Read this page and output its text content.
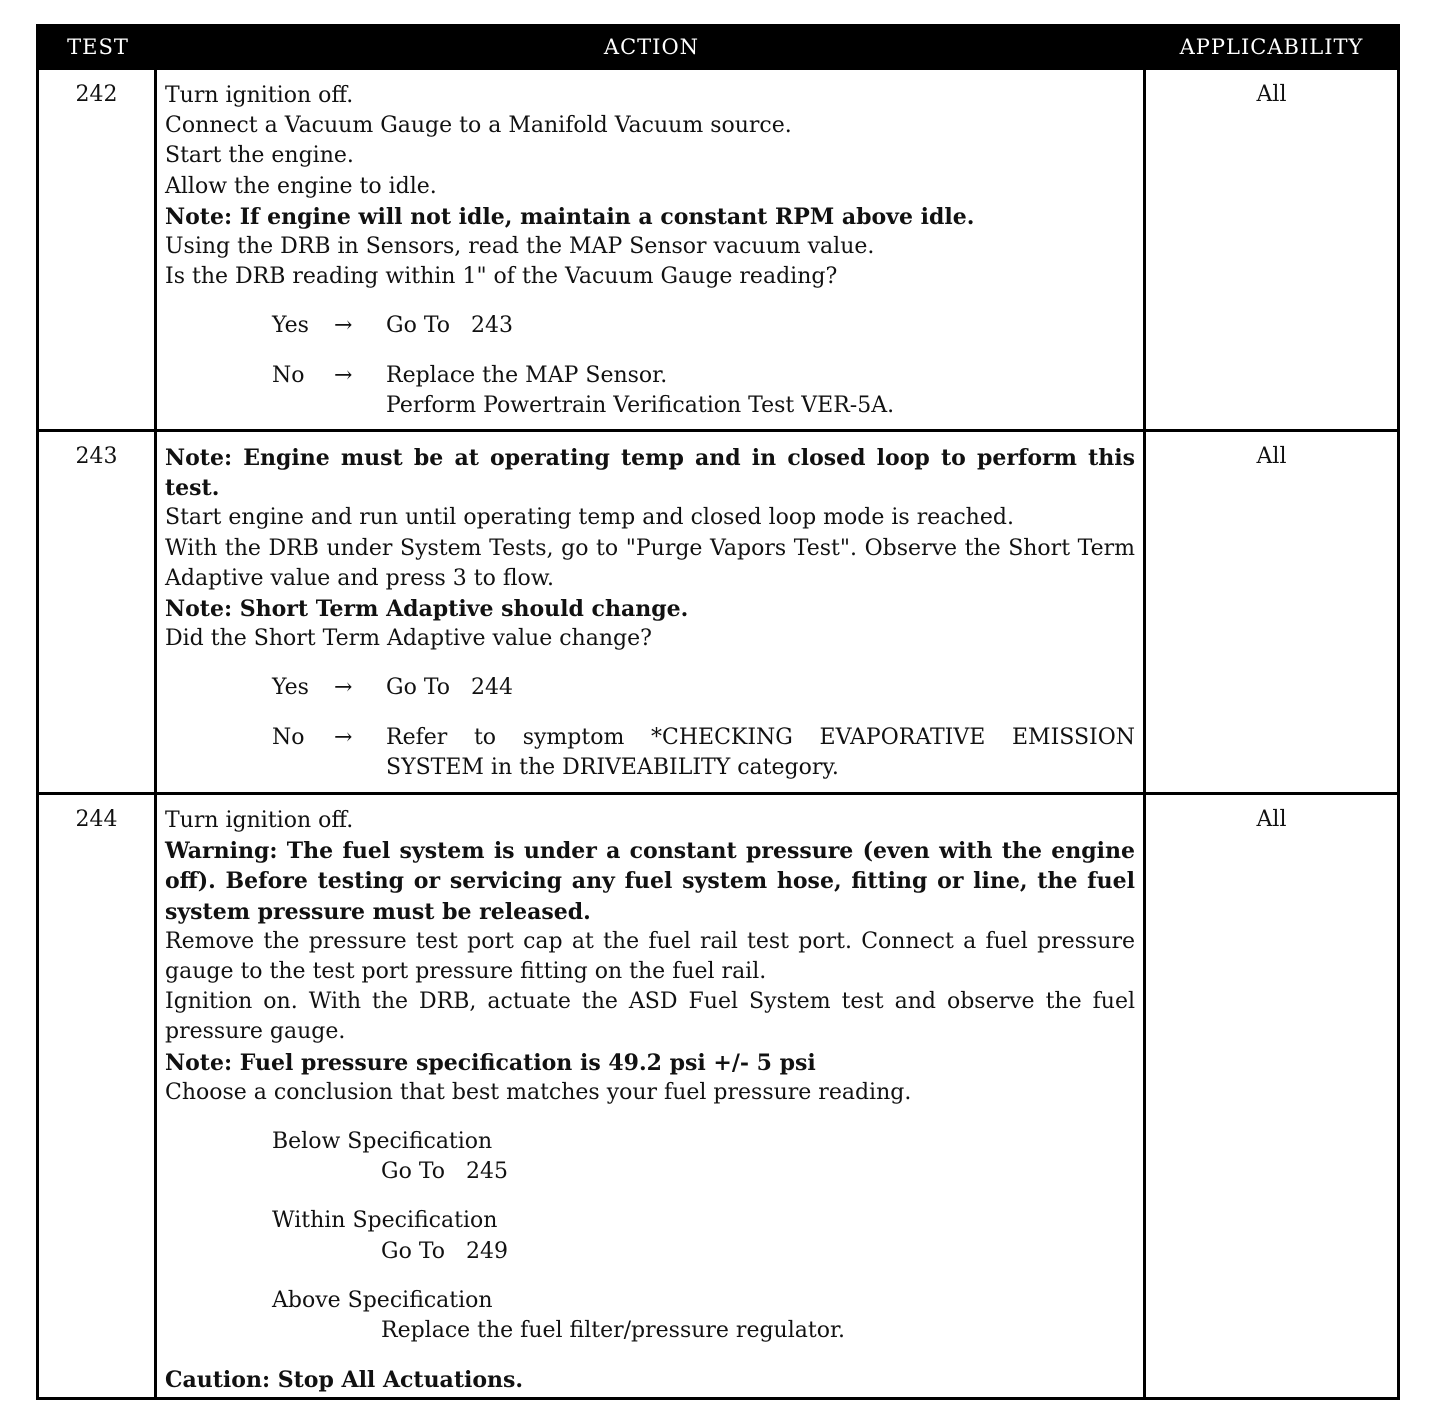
TEST	ACTION	APPLICABILITY
242	Turn ignition off.
Connect a Vacuum Gauge to a Manifold Vacuum source.
Start the engine.
Allow the engine to idle.
Note: If engine will not idle, maintain a constant RPM above idle.
Using the DRB in Sensors, read the MAP Sensor vacuum value.
Is the DRB reading within 1" of the Vacuum Gauge reading?
Yes	→	Go To   243
No	→	Replace the MAP Sensor.
Perform Powertrain Verification Test VER-5A.
All
243	Note: Engine must be at operating temp and in closed loop to perform this test.
Start engine and run until operating temp and closed loop mode is reached.
With the DRB under System Tests, go to "Purge Vapors Test". Observe the Short Term Adaptive value and press 3 to flow.
Note: Short Term Adaptive should change.
Did the Short Term Adaptive value change?
Yes	→	Go To   244
No	→	Refer to symptom *CHECKING EVAPORATIVE EMISSION SYSTEM in the DRIVEABILITY category.
All
244	Turn ignition off.
Warning: The fuel system is under a constant pressure (even with the engine off). Before testing or servicing any fuel system hose, fitting or line, the fuel system pressure must be released.
Remove the pressure test port cap at the fuel rail test port. Connect a fuel pressure gauge to the test port pressure fitting on the fuel rail.
Ignition on. With the DRB, actuate the ASD Fuel System test and observe the fuel pressure gauge.
Note: Fuel pressure specification is 49.2 psi +/- 5 psi
Choose a conclusion that best matches your fuel pressure reading.
Below Specification
Go To   245
Within Specification
Go To   249
Above Specification
Replace the fuel filter/pressure regulator.
Caution: Stop All Actuations.
All
